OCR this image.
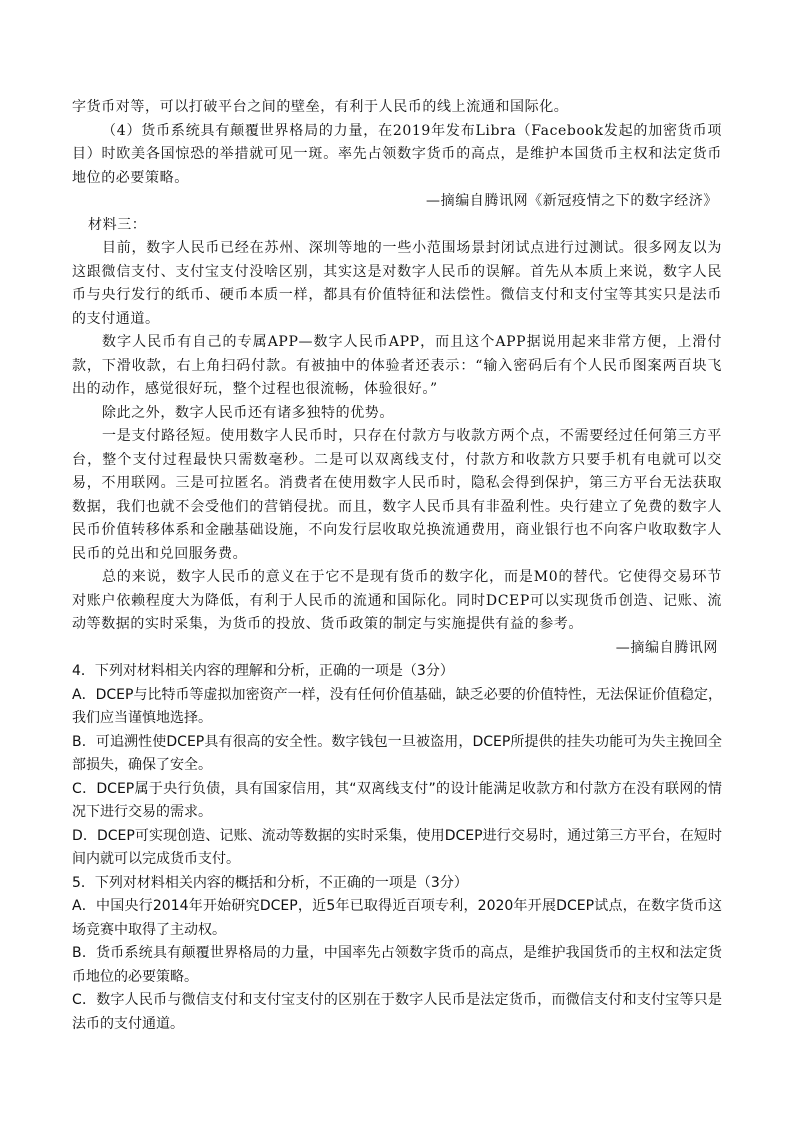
字货币对等，可以打破平台之间的壁垒，有利于人民币的线上流通和国际化。

（4）货币系统具有颠覆世界格局的力量，在2019年发布Libra（Facebook发起的加密货币项目）时欧美各国惊恐的举措就可见一斑。率先占领数字货币的高点，是维护本国货币主权和法定货币地位的必要策略。

—摘编自腾讯网《新冠疫情之下的数字经济》

材料三：

目前，数字人民币已经在苏州、深圳等地的一些小范围场景封闭试点进行过测试。很多网友以为这跟微信支付、支付宝支付没啥区别，其实这是对数字人民币的误解。首先从本质上来说，数字人民币与央行发行的纸币、硬币本质一样，都具有价值特征和法偿性。微信支付和支付宝等其实只是法币的支付通道。

数字人民币有自己的专属APP—数字人民币APP，而且这个APP据说用起来非常方便，上滑付款，下滑收款，右上角扫码付款。有被抽中的体验者还表示：“输入密码后有个人民币图案两百块飞出的动作，感觉很好玩，整个过程也很流畅，体验很好。”

除此之外，数字人民币还有诸多独特的优势。

一是支付路径短。使用数字人民币时，只存在付款方与收款方两个点，不需要经过任何第三方平台，整个支付过程最快只需数毫秒。二是可以双离线支付，付款方和收款方只要手机有电就可以交易，不用联网。三是可拉匿名。消费者在使用数字人民币时，隐私会得到保护，第三方平台无法获取数据，我们也就不会受他们的营销侵扰。而且，数字人民币具有非盈利性。央行建立了免费的数字人民币价值转移体系和金融基础设施，不向发行层收取兑换流通费用，商业银行也不向客户收取数字人民币的兑出和兑回服务费。

总的来说，数字人民币的意义在于它不是现有货币的数字化，而是M0的替代。它使得交易环节对账户依赖程度大为降低，有利于人民币的流通和国际化。同时DCEP可以实现货币创造、记账、流动等数据的实时采集，为货币的投放、货币政策的制定与实施提供有益的参考。

—摘编自腾讯网

4．下列对材料相关内容的理解和分析，正确的一项是（3分）

A．DCEP与比特币等虚拟加密资产一样，没有任何价值基础，缺乏必要的价值特性，无法保证价值稳定，我们应当谨慎地选择。

B．可追溯性使DCEP具有很高的安全性。数字钱包一旦被盗用，DCEP所提供的挂失功能可为失主挽回全部损失，确保了安全。

C．DCEP属于央行负债，具有国家信用，其“双离线支付”的设计能满足收款方和付款方在没有联网的情况下进行交易的需求。

D．DCEP可实现创造、记账、流动等数据的实时采集，使用DCEP进行交易时，通过第三方平台，在短时间内就可以完成货币支付。

5．下列对材料相关内容的概括和分析，不正确的一项是（3分）

A．中国央行2014年开始研究DCEP，近5年已取得近百项专利，2020年开展DCEP试点，在数字货币这场竞赛中取得了主动权。

B．货币系统具有颠覆世界格局的力量，中国率先占领数字货币的高点，是维护我国货币的主权和法定货币地位的必要策略。

C．数字人民币与微信支付和支付宝支付的区别在于数字人民币是法定货币，而微信支付和支付宝等只是法币的支付通道。
